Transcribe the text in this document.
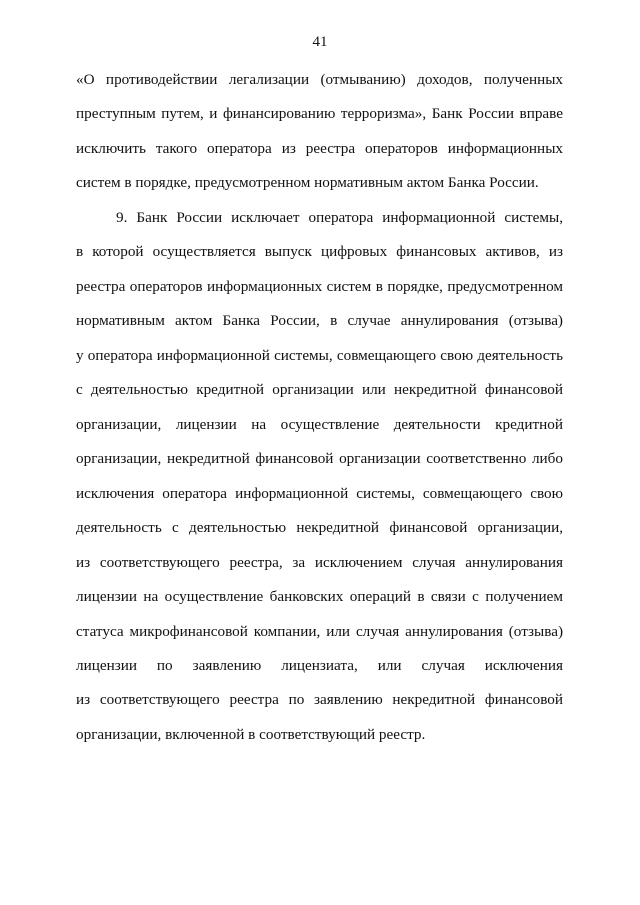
41
«О противодействии легализации (отмыванию) доходов, полученных
преступным путем, и финансированию терроризма», Банк России вправе
исключить такого оператора из реестра операторов информационных
систем в порядке, предусмотренном нормативным актом Банка России.
9. Банк России исключает оператора информационной системы,
в которой осуществляется выпуск цифровых финансовых активов, из
реестра операторов информационных систем в порядке, предусмотренном
нормативным актом Банка России, в случае аннулирования (отзыва)
у оператора информационной системы, совмещающего свою деятельность
с деятельностью кредитной организации или некредитной финансовой
организации, лицензии на осуществление деятельности кредитной
организации, некредитной финансовой организации соответственно либо
исключения оператора информационной системы, совмещающего свою
деятельность с деятельностью некредитной финансовой организации,
из соответствующего реестра, за исключением случая аннулирования
лицензии на осуществление банковских операций в связи с получением
статуса микрофинансовой компании, или случая аннулирования (отзыва)
лицензии по заявлению лицензиата, или случая исключения
из соответствующего реестра по заявлению некредитной финансовой
организации, включенной в соответствующий реестр.
